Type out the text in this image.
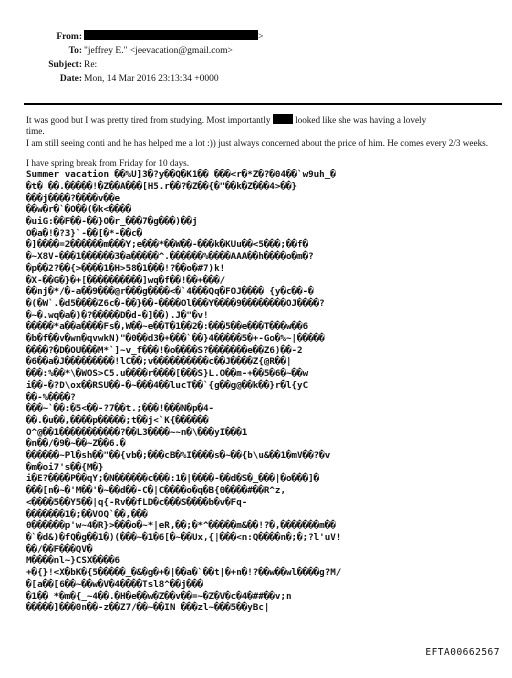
From:	>
To: "jeffrey E." <jeevacation@gmail.com>
Subject: Re:
Date: Mon, 14 Mar 2016 23:13:34 +0000

It was good but I was pretty tired from studying. Most importantly	looked like she was having a lovely
time.

I am still seeing conti and he has helped me a lot :)) just always concerned about the price of him. He comes every 2/3 weeks.

I have spring break from Friday for 10 days.

Summer vacation ��%U]3�?y��Q�K1�� ���<r�*Z�?�04��`w9uh_�
�t� ��.�����!�Z��A���[H5.r��?�Z��{�"��k�Z���4>��}
���j����?����v��e
��w�r�`�O��(�k<����
�uiG:��F��-��}O�r_���7�g���)��j
O�a�!�?3}`-��[�*-��c�
�]����=2������m���Y;e���*��W��-���k�KUu��<5���;��f�
�~X8V-���1������3�a�����^.������%����AAA��h����o�m�?
�p��2?��{>����1�H>58�1���!?��o�#7)k!
�X-��G�}�+[����������]wq�f��!��+���/
��nj�*/�-a��9���@r���g����<�`4���Qq�FOJ���� {y�c��-�
�(�W`.�d5����Z6c�-��}��-����Ol���Y����9��������OJ����?
�~�.wq�a�)�?�����D�d-�]��).J�"�v!
�����*a��a����Fs�,W��~e��T�1��2�:���5��e���T���w��6
�b�f��v�wn�qvwkN)"�0��d3�+���`��}4�����5�+-Go�%~|�����
����?�D�OU���M*`]~v_f���!�o����S?�������e��Z6)��-2
�6��a�J���������!lC��;v����������c��J����Z{@R��|
���:%��*\�WOS>C5.u����r����[���S}L.O��m-+��5�6�~��w
i��-�?D\ox��RSU��-�~���4��lucT��`{g��g@��k��}r�l{yC
��-%����?
���~`��:�5<��-?7��t.;���!���N�p�4-
��.�u��,����p�����;t��j<`K{������
O^@��1�����������?��L3����~~n�\���yI���1
�n��/�9�~��~Z��6.�
������~Pl�sh��"��{vb�;���cB�%I����s�~��{b\u&��1�mV��?�v
�m�oi7's��{M�}
i�E?����P��qY;�N������c���:1�|����-��d�S�_���|�o���]�
���[n�~�'M��'�~��d��-C�|C����o�q�B{0����#��R^z,
<����5��Y5��|q{-Rv��fLD�c���S����b�v�Fq-
�������1�;��VOQ`��,���
0������p'w~4�R}>���o�~*|eR,��;�*^�����m&��!?�,�������m��
�`�d&)�fQ�g��1�)(���~�1�6[�~��Ux,{|���<n:Q����n�;�;?l'uV!
��/��F���QV�
M����nl~}CSX����6
+�{}!<X�bK�{5�����_�&�g�+�|��a�`��t|�+n�!?��w��wl����g?M/
�[a��[6��~��w�V�4����Tsl8^��j���
�1�� *�m�{_~4��.�H�e��w�Z��v��=~�Z�V�c�4�##��v;n
�����]���0n��-z��Z7/��~��IN ���zl~���5��yBc|
EFTA00662567
